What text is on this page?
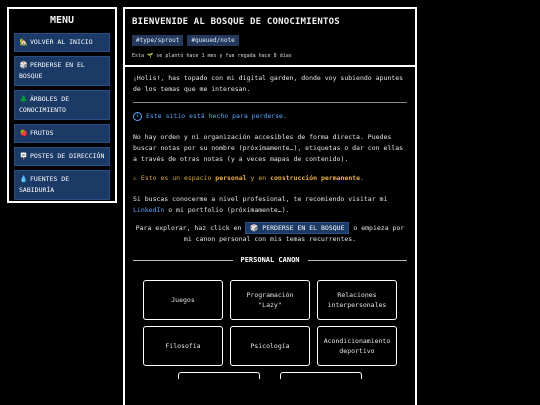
MENU
🏡 VOLVER AL INICIO
🎲 PERDERSE EN EL BOSQUE
🌲 ÁRBOLES DE CONOCIMIENTO
🍓 FRUTOS
🪧 POSTES DE DIRECCIÓN
💧 FUENTES DE SABIDURÍA
BIENVENIDE AL BOSQUE DE CONOCIMIENTOS
#type/sprout	#queued/note
Esta 🌱 se plantó hace 1 mes y fue regada hace 8 días

¡Holis!, has topado con mi digital garden, donde voy subiendo apuntes de los temas que me interesan.

i	Este sitio está hecho para perderse.

No hay orden y ni organización accesibles de forma directa. Puedes buscar notas por su nombre (próximamente…), etiquetas o dar con ellas a través de otras notas (y a veces mapas de contenido).

⚠ Esto es un espacio personal y en construcción permanente.

Si buscas conocerme a nivel profesional, te recomiendo visitar mi LinkedIn o mi portfolio (próximamente…).

Para explorar, haz click en 🎲 PERDERSE EN EL BOSQUE o empieza por mi canon personal con mis temas recurrentes.

PERSONAL CANON
Juegos
Programación "Lazy"
Relaciones interpersonales
Filosofía	Psicología
Acondicionamiento deportivo
